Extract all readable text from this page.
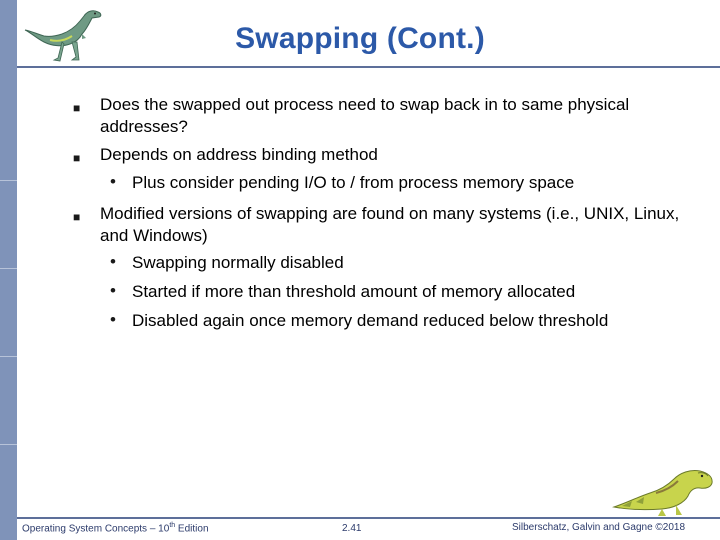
Swapping (Cont.)
■ Does the swapped out process need to swap back in to same physical addresses?
■ Depends on address binding method
• Plus consider pending I/O to / from process memory space
■ Modified versions of swapping are found on many systems (i.e., UNIX, Linux, and Windows)
• Swapping normally disabled
• Started if more than threshold amount of memory allocated
• Disabled again once memory demand reduced below threshold
Operating System Concepts – 10th Edition	2.41	Silberschatz, Galvin and Gagne ©2018
